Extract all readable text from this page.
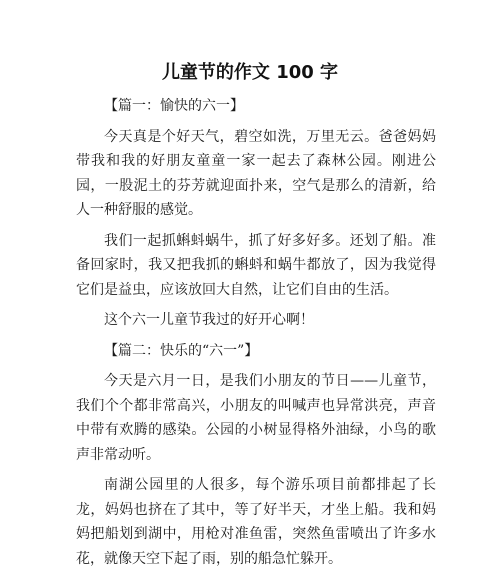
儿童节的作文 100 字

【篇一：愉快的六一】

今天真是个好天气，碧空如洗，万里无云。爸爸妈妈
带我和我的好朋友童童一家一起去了森林公园。刚进公
园，一股泥土的芬芳就迎面扑来，空气是那么的清新，给
人一种舒服的感觉。

我们一起抓蝌蚪蜗牛，抓了好多好多。还划了船。准
备回家时，我又把我抓的蝌蚪和蜗牛都放了，因为我觉得
它们是益虫，应该放回大自然，让它们自由的生活。

这个六一儿童节我过的好开心啊！

【篇二：快乐的“六一”】

今天是六月一日，是我们小朋友的节日——儿童节，
我们个个都非常高兴，小朋友的叫喊声也异常洪亮，声音
中带有欢腾的感染。公园的小树显得格外油绿，小鸟的歌
声非常动听。

南湖公园里的人很多，每个游乐项目前都排起了长
龙，妈妈也挤在了其中，等了好半天，才坐上船。我和妈
妈把船划到湖中，用枪对准鱼雷，突然鱼雷喷出了许多水
花，就像天空下起了雨，别的船急忙躲开。
